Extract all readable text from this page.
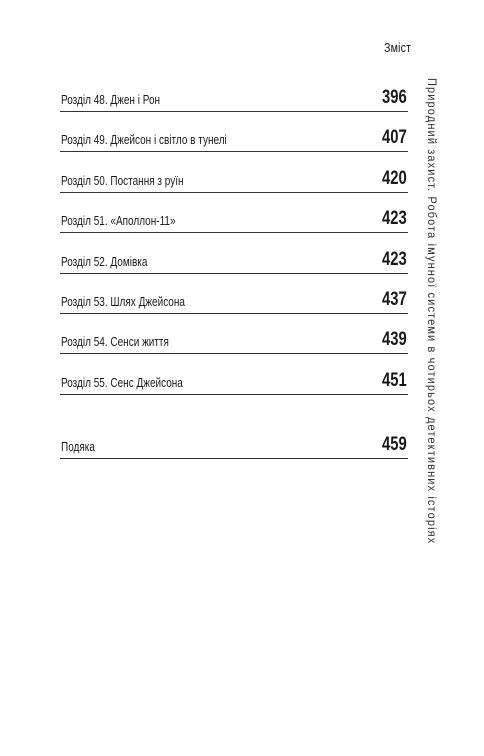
Зміст
Природний захист. Робота імунної системи в чотирьох детективних історіях
Розділ 48. Джен і Рон	396
Розділ 49. Джейсон і світло в тунелі	407
Розділ 50. Постання з руїн	420
Розділ 51. «Аполлон-11»	423
Розділ 52. Домівка	423
Розділ 53. Шлях Джейсона	437
Розділ 54. Сенси життя	439
Розділ 55. Сенс Джейсона	451
Подяка	459
